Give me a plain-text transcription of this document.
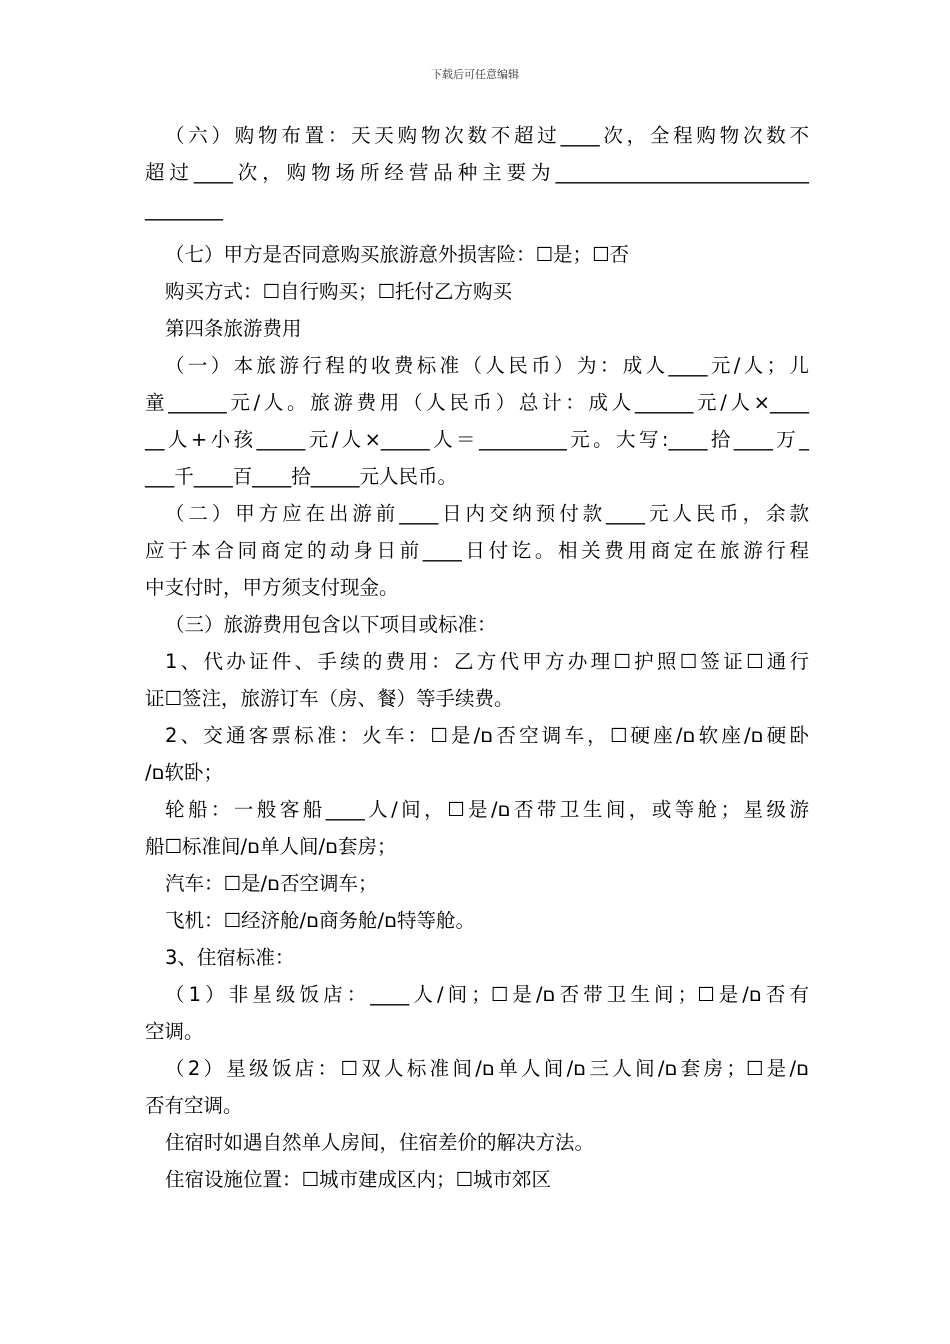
下载后可任意编辑

（六）购物布置：天天购物次数不超过____次，全程购物次数不

超过____次，购物场所经营品种主要为__________________________

________

（七）甲方是否同意购买旅游意外损害险：☐是；☐否

购买方式：☐自行购买；☐托付乙方购买

第四条旅游费用

（一）本旅游行程的收费标准（人民币）为：成人____元/人；儿

童______元/人。旅游费用（人民币）总计：成人______元/人×____

__人+小孩_____元/人×_____人＝_________元。大写:____拾____万_

___千____百____拾_____元人民币。

（二）甲方应在出游前____日内交纳预付款____元人民币，余款

应于本合同商定的动身日前____日付讫。相关费用商定在旅游行程

中支付时，甲方须支付现金。

（三）旅游费用包含以下项目或标准：

1、代办证件、手续的费用：乙方代甲方办理☐护照☐签证☐通行

证☐签注，旅游订车（房、餐）等手续费。

2、交通客票标准：火车：☐是/ם否空调车，☐硬座/ם软座/ם硬卧

/ם软卧；

轮船：一般客船____人/间，☐是/ם否带卫生间，或等舱；星级游

船☐标准间/ם单人间/ם套房；

汽车：☐是/ם否空调车；

飞机：☐经济舱/ם商务舱/ם特等舱。

3、住宿标准：

（1）非星级饭店：____人/间；☐是/ם否带卫生间；☐是/ם否有

空调。

（2）星级饭店：☐双人标准间/ם单人间/ם三人间/ם套房；☐是/ם

否有空调。

住宿时如遇自然单人房间，住宿差价的解决方法。

住宿设施位置：☐城市建成区内；☐城市郊区
